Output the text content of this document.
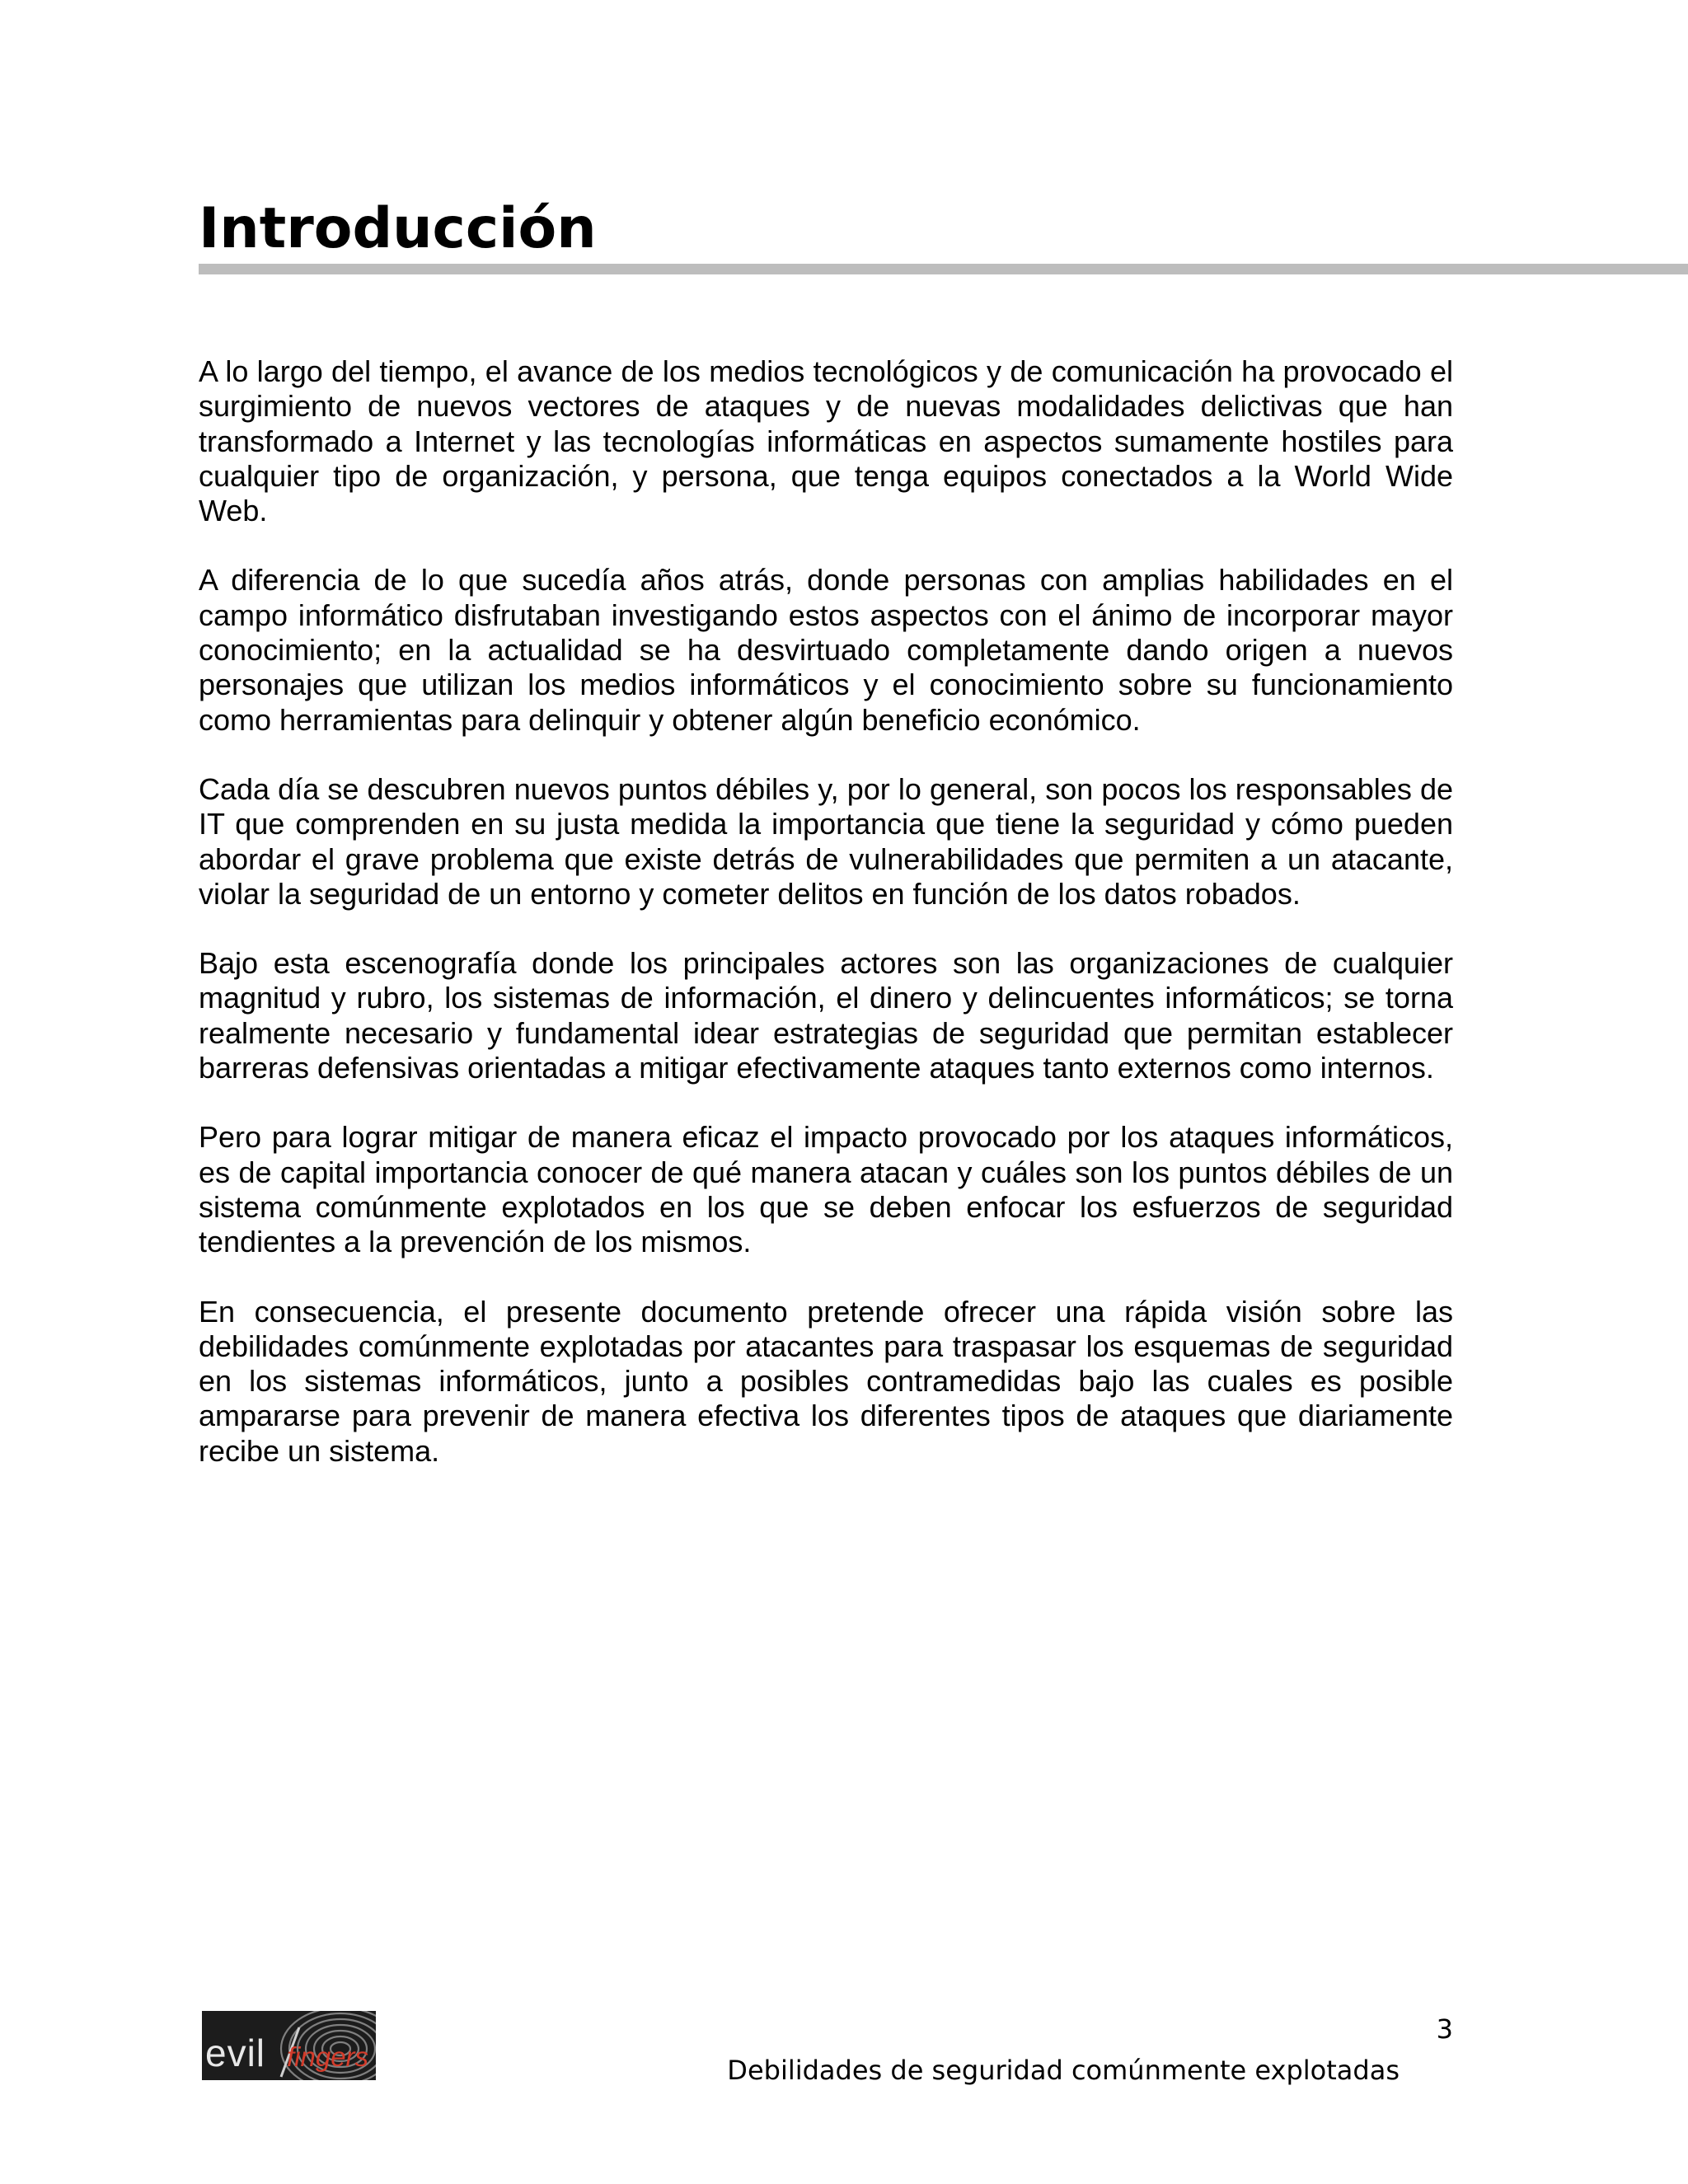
Introducción

A lo largo del tiempo, el avance de los medios tecnológicos y de comunicación ha provocado el surgimiento de nuevos vectores de ataques y de nuevas modalidades delictivas que han transformado a Internet y las tecnologías informáticas en aspectos sumamente hostiles para cualquier tipo de organización, y persona, que tenga equipos conectados a la World Wide Web.

A diferencia de lo que sucedía años atrás, donde personas con amplias habilidades en el campo informático disfrutaban investigando estos aspectos con el ánimo de incorporar mayor conocimiento; en la actualidad se ha desvirtuado completamente dando origen a nuevos personajes que utilizan los medios informáticos y el conocimiento sobre su funcionamiento como herramientas para delinquir y obtener algún beneficio económico.

Cada día se descubren nuevos puntos débiles y, por lo general, son pocos los responsables de IT que comprenden en su justa medida la importancia que tiene la seguridad y cómo pueden abordar el grave problema que existe detrás de vulnerabilidades que permiten a un atacante, violar la seguridad de un entorno y cometer delitos en función de los datos robados.

Bajo esta escenografía donde los principales actores son las organizaciones de cualquier magnitud y rubro, los sistemas de información, el dinero y delincuentes informáticos; se torna realmente necesario y fundamental idear estrategias de seguridad que permitan establecer barreras defensivas orientadas a mitigar efectivamente ataques tanto externos como internos.

Pero para lograr mitigar de manera eficaz el impacto provocado por los ataques informáticos, es de capital importancia conocer de qué manera atacan y cuáles son los puntos débiles de un sistema comúnmente explotados en los que se deben enfocar los esfuerzos de seguridad tendientes a la prevención de los mismos.

En consecuencia, el presente documento pretende ofrecer una rápida visión sobre las debilidades comúnmente explotadas por atacantes para traspasar los esquemas de seguridad en los sistemas informáticos, junto a posibles contramedidas bajo las cuales es posible ampararse para prevenir de manera efectiva los diferentes tipos de ataques que diariamente recibe un sistema.

evil fingers
3
Debilidades de seguridad comúnmente explotadas
